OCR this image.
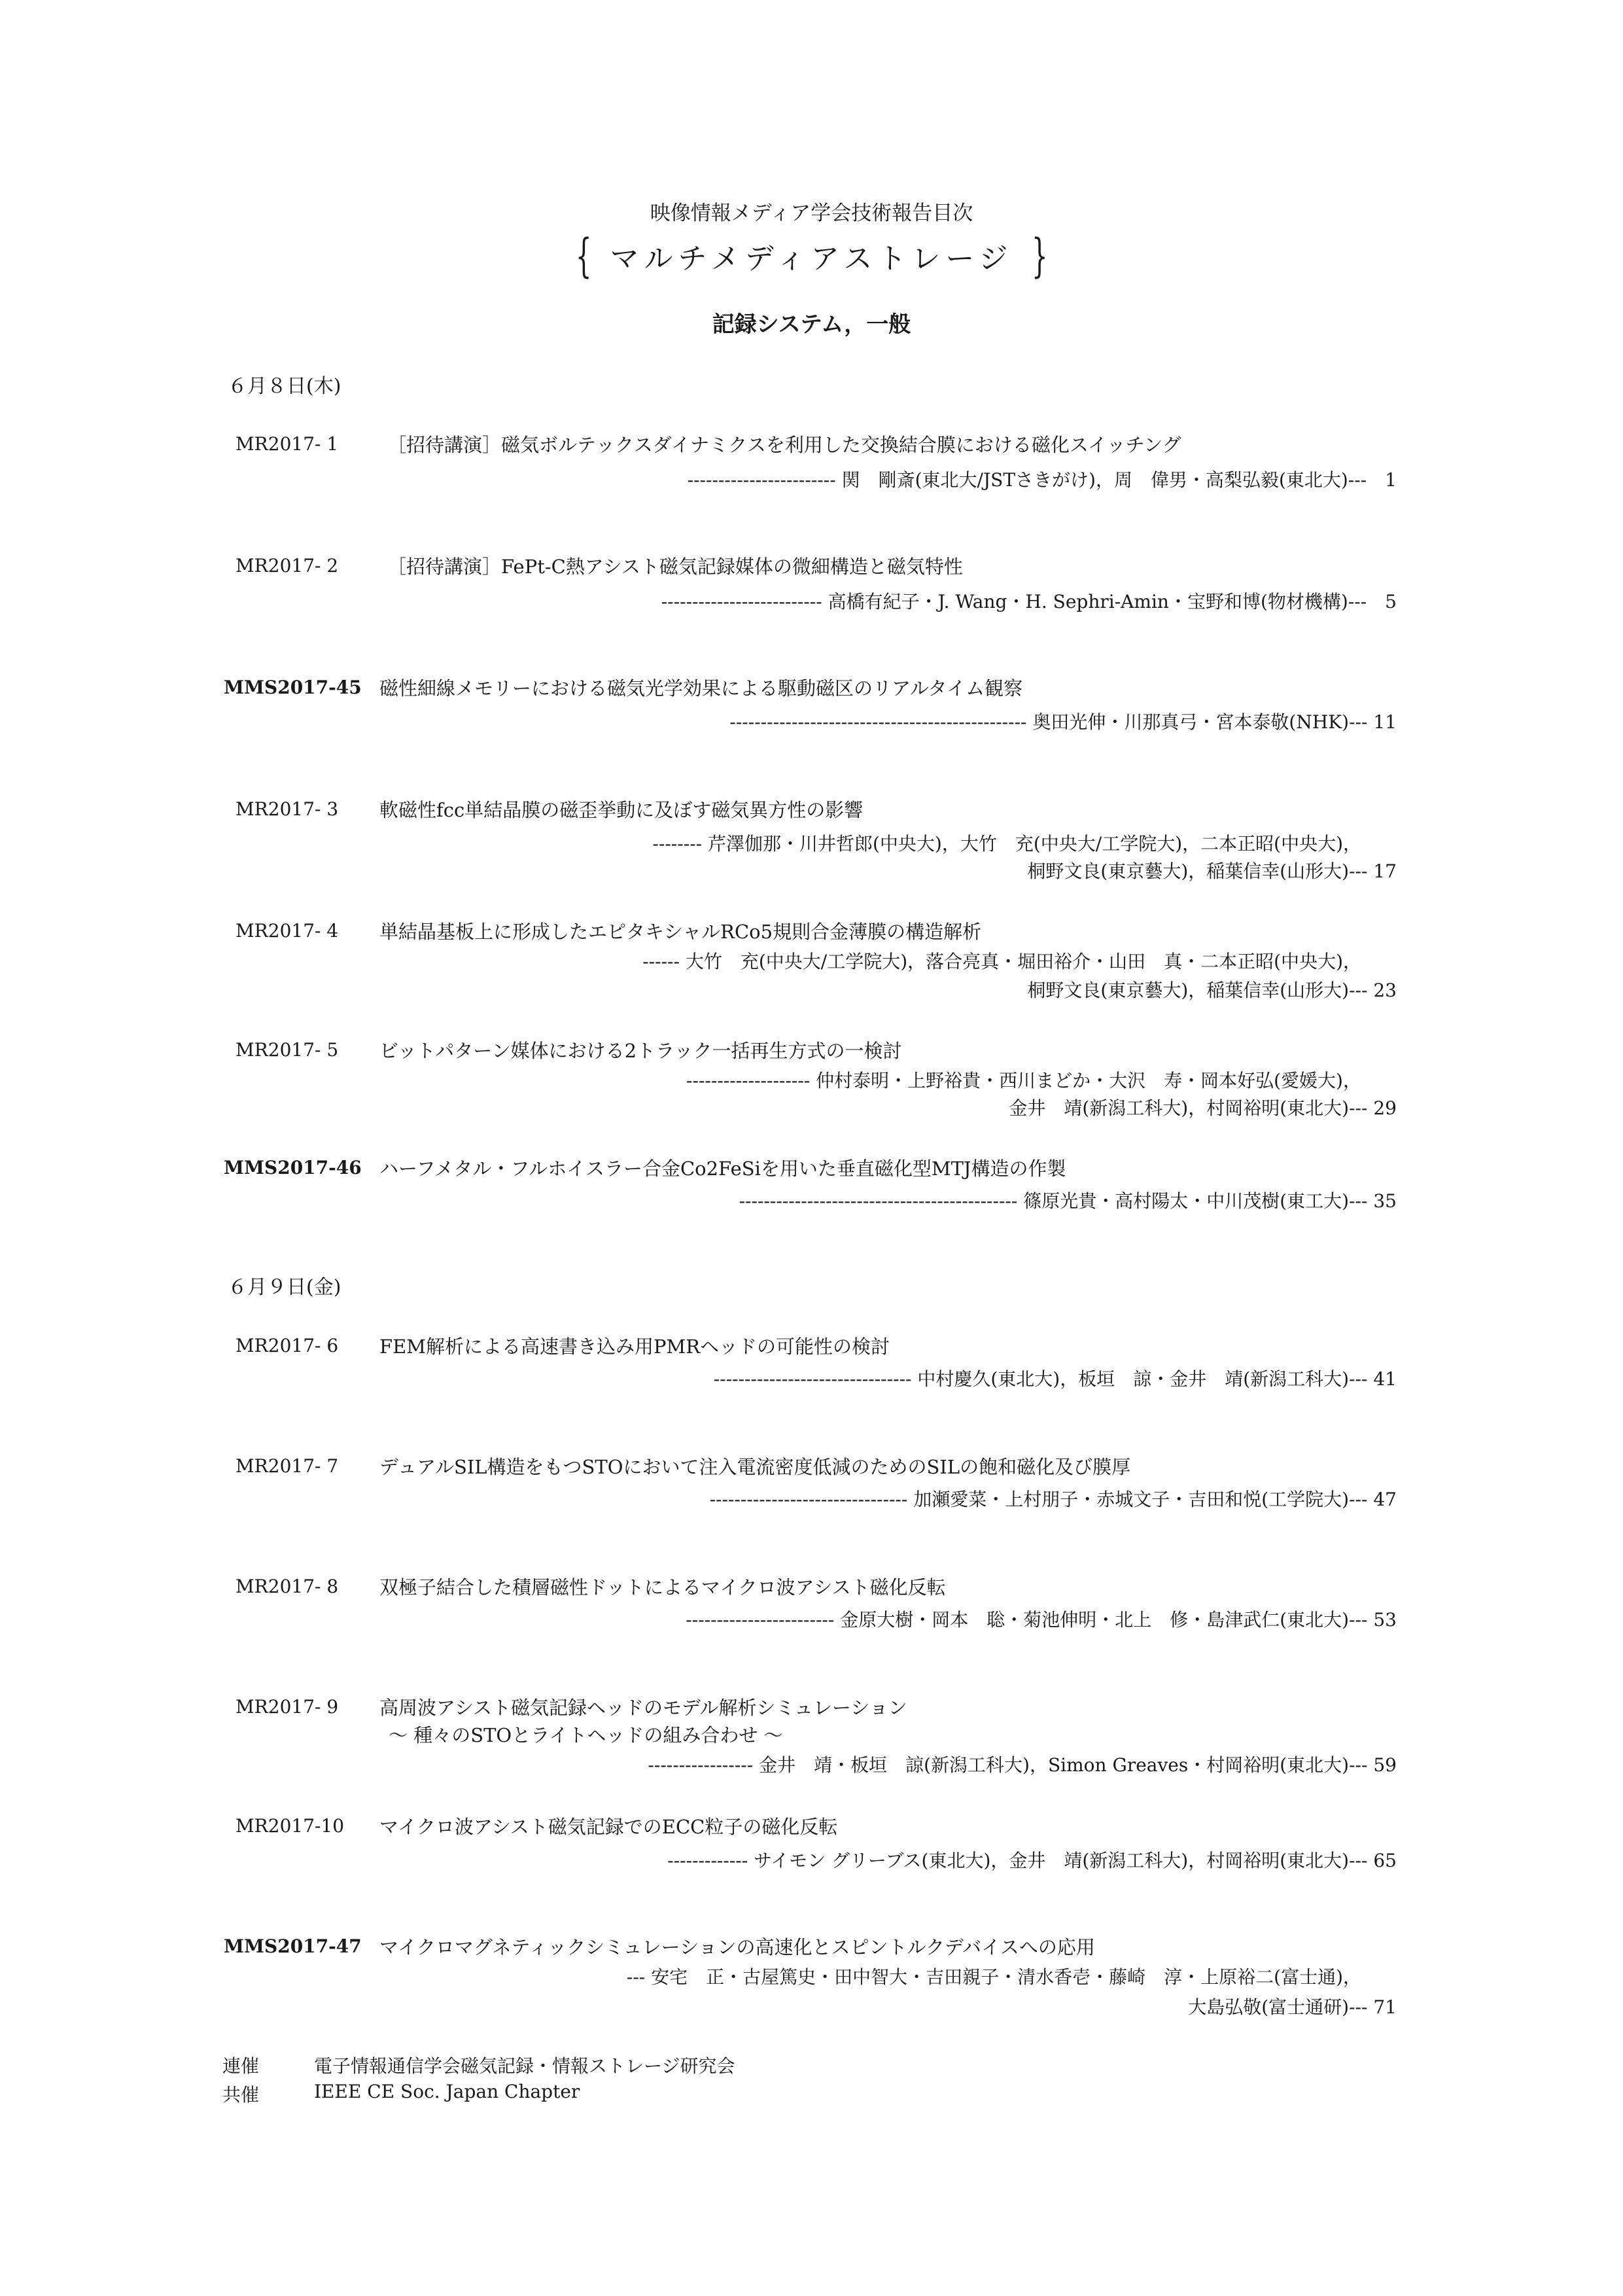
映像情報メディア学会技術報告目次
{ マルチメディアストレージ }
記録システム，一般
６月８日(木)
MR2017- 1	［招待講演］磁気ボルテックスダイナミクスを利用した交換結合膜における磁化スイッチング
------------------------ 関　剛斎(東北大/JSTさきがけ)，周　偉男・高梨弘毅(東北大)---　1
MR2017- 2	［招待講演］FePt-C熱アシスト磁気記録媒体の微細構造と磁気特性
-------------------------- 高橋有紀子・J. Wang・H. Sephri-Amin・宝野和博(物材機構)---　5
MMS2017-45 磁性細線メモリーにおける磁気光学効果による駆動磁区のリアルタイム観察
------------------------------------------------ 奥田光伸・川那真弓・宮本泰敬(NHK)--- 11
MR2017- 3 軟磁性fcc単結晶膜の磁歪挙動に及ぼす磁気異方性の影響
-------- 芹澤伽那・川井哲郎(中央大)，大竹　充(中央大/工学院大)，二本正昭(中央大)，
桐野文良(東京藝大)，稲葉信幸(山形大)--- 17
MR2017- 4 単結晶基板上に形成したエピタキシャルRCo5規則合金薄膜の構造解析
------ 大竹　充(中央大/工学院大)，落合亮真・堀田裕介・山田　真・二本正昭(中央大)，
桐野文良(東京藝大)，稲葉信幸(山形大)--- 23
MR2017- 5 ビットパターン媒体における2トラック一括再生方式の一検討
-------------------- 仲村泰明・上野裕貴・西川まどか・大沢　寿・岡本好弘(愛媛大)，
金井　靖(新潟工科大)，村岡裕明(東北大)--- 29
MMS2017-46 ハーフメタル・フルホイスラー合金Co2FeSiを用いた垂直磁化型MTJ構造の作製
--------------------------------------------- 篠原光貴・高村陽太・中川茂樹(東工大)--- 35
６月９日(金)
MR2017- 6 FEM解析による高速書き込み用PMRヘッドの可能性の検討
-------------------------------- 中村慶久(東北大)，板垣　諒・金井　靖(新潟工科大)--- 41
MR2017- 7 デュアルSIL構造をもつSTOにおいて注入電流密度低減のためのSILの飽和磁化及び膜厚
-------------------------------- 加瀬愛菜・上村朋子・赤城文子・吉田和悦(工学院大)--- 47
MR2017- 8 双極子結合した積層磁性ドットによるマイクロ波アシスト磁化反転
------------------------ 金原大樹・岡本　聡・菊池伸明・北上　修・島津武仁(東北大)--- 53
MR2017- 9 高周波アシスト磁気記録ヘッドのモデル解析シミュレーション
～ 種々のSTOとライトヘッドの組み合わせ ～
----------------- 金井　靖・板垣　諒(新潟工科大)，Simon Greaves・村岡裕明(東北大)--- 59
MR2017-10 マイクロ波アシスト磁気記録でのECC粒子の磁化反転
------------- サイモン グリーブス(東北大)，金井　靖(新潟工科大)，村岡裕明(東北大)--- 65
MMS2017-47 マイクロマグネティックシミュレーションの高速化とスピントルクデバイスへの応用
--- 安宅　正・古屋篤史・田中智大・吉田親子・清水香壱・藤崎　淳・上原裕二(富士通)，
大島弘敬(富士通研)--- 71
連催	電子情報通信学会磁気記録・情報ストレージ研究会
共催	IEEE CE Soc. Japan Chapter
